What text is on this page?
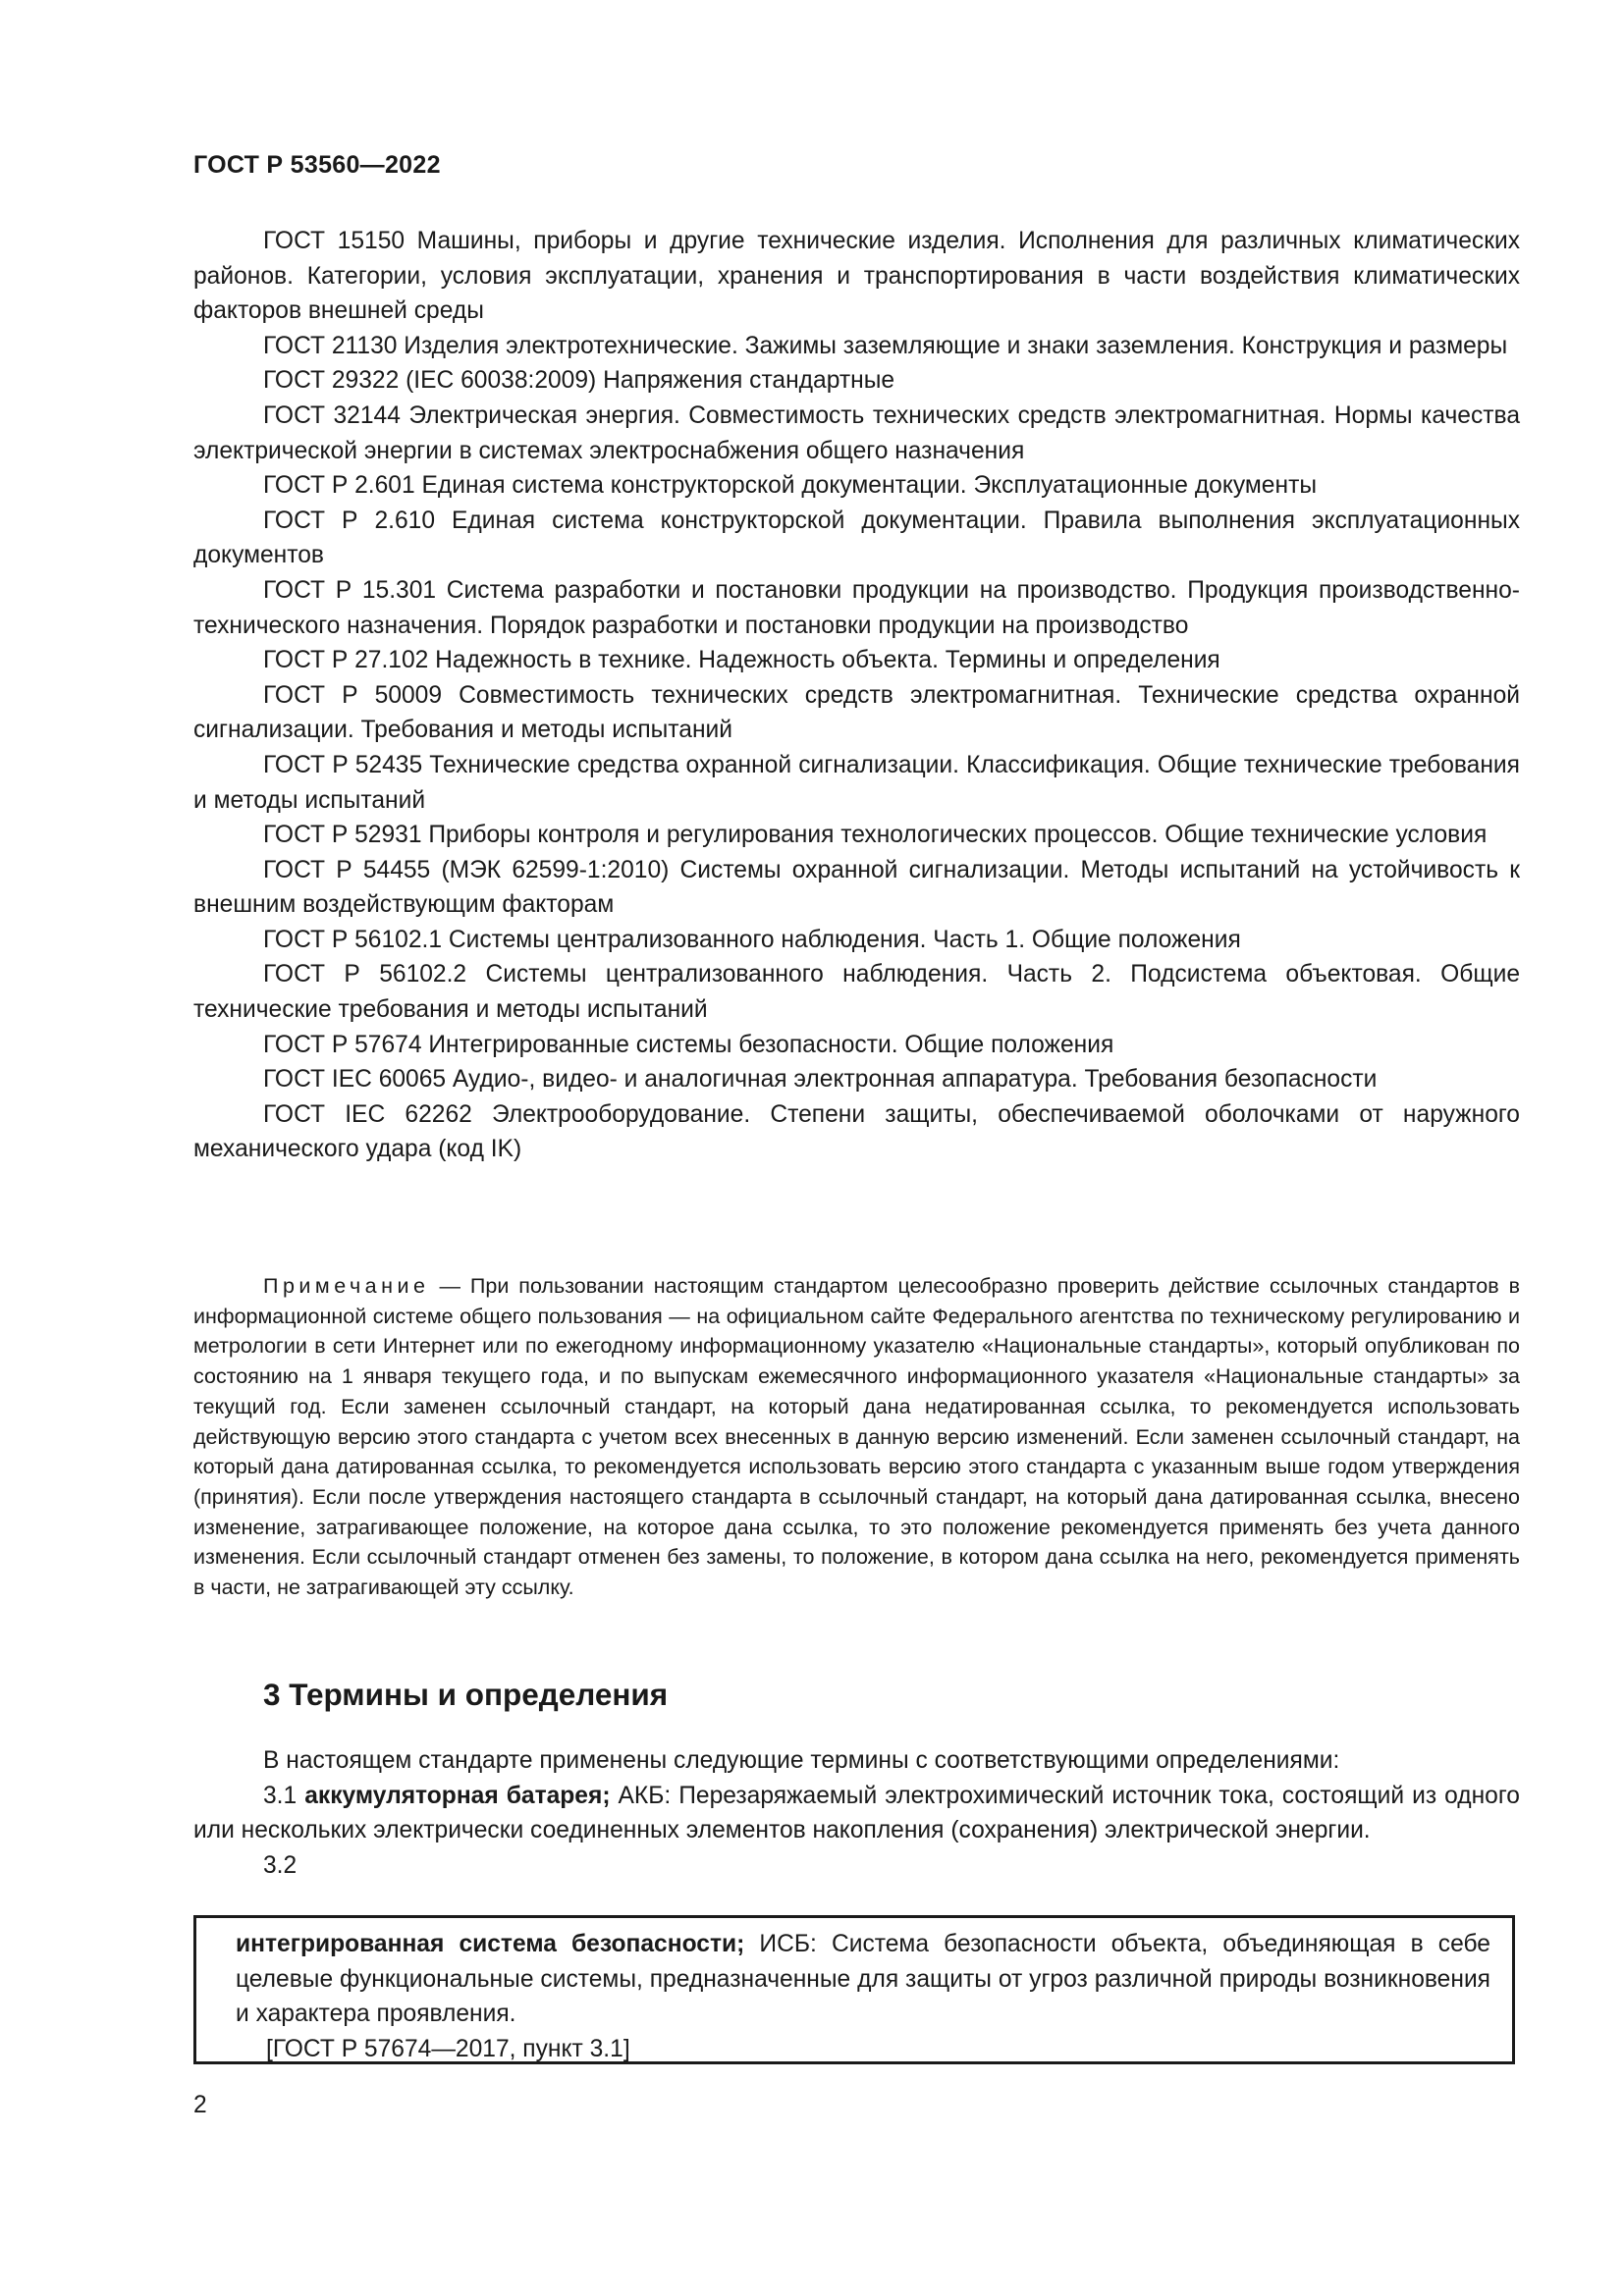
ГОСТ Р 53560—2022

ГОСТ 15150 Машины, приборы и другие технические изделия. Исполнения для различных климатических районов. Категории, условия эксплуатации, хранения и транспортирования в части воздействия климатических факторов внешней среды

ГОСТ 21130 Изделия электротехнические. Зажимы заземляющие и знаки заземления. Конструкция и размеры

ГОСТ 29322 (IEC 60038:2009) Напряжения стандартные

ГОСТ 32144 Электрическая энергия. Совместимость технических средств электромагнитная. Нормы качества электрической энергии в системах электроснабжения общего назначения

ГОСТ Р 2.601 Единая система конструкторской документации. Эксплуатационные документы

ГОСТ Р 2.610 Единая система конструкторской документации. Правила выполнения эксплуатационных документов

ГОСТ Р 15.301 Система разработки и постановки продукции на производство. Продукция производственно-технического назначения. Порядок разработки и постановки продукции на производство

ГОСТ Р 27.102 Надежность в технике. Надежность объекта. Термины и определения

ГОСТ Р 50009 Совместимость технических средств электромагнитная. Технические средства охранной сигнализации. Требования и методы испытаний

ГОСТ Р 52435 Технические средства охранной сигнализации. Классификация. Общие технические требования и методы испытаний

ГОСТ Р 52931 Приборы контроля и регулирования технологических процессов. Общие технические условия

ГОСТ Р 54455 (МЭК 62599-1:2010) Системы охранной сигнализации. Методы испытаний на устойчивость к внешним воздействующим факторам

ГОСТ Р 56102.1 Системы централизованного наблюдения. Часть 1. Общие положения

ГОСТ Р 56102.2 Системы централизованного наблюдения. Часть 2. Подсистема объектовая. Общие технические требования и методы испытаний

ГОСТ Р 57674 Интегрированные системы безопасности. Общие положения

ГОСТ IEC 60065 Аудио-, видео- и аналогичная электронная аппаратура. Требования безопасности

ГОСТ IEC 62262 Электрооборудование. Степени защиты, обеспечиваемой оболочками от наружного механического удара (код IK)

Примечание — При пользовании настоящим стандартом целесообразно проверить действие ссылочных стандартов в информационной системе общего пользования — на официальном сайте Федерального агентства по техническому регулированию и метрологии в сети Интернет или по ежегодному информационному указателю «Национальные стандарты», который опубликован по состоянию на 1 января текущего года, и по выпускам ежемесячного информационного указателя «Национальные стандарты» за текущий год. Если заменен ссылочный стандарт, на который дана недатированная ссылка, то рекомендуется использовать действующую версию этого стандарта с учетом всех внесенных в данную версию изменений. Если заменен ссылочный стандарт, на который дана датированная ссылка, то рекомендуется использовать версию этого стандарта с указанным выше годом утверждения (принятия). Если после утверждения настоящего стандарта в ссылочный стандарт, на который дана датированная ссылка, внесено изменение, затрагивающее положение, на которое дана ссылка, то это положение рекомендуется применять без учета данного изменения. Если ссылочный стандарт отменен без замены, то положение, в котором дана ссылка на него, рекомендуется применять в части, не затрагивающей эту ссылку.

3 Термины и определения

В настоящем стандарте применены следующие термины с соответствующими определениями:

3.1 аккумуляторная батарея; АКБ: Перезаряжаемый электрохимический источник тока, состоящий из одного или нескольких электрически соединенных элементов накопления (сохранения) электрической энергии.

3.2

интегрированная система безопасности; ИСБ: Система безопасности объекта, объединяющая в себе целевые функциональные системы, предназначенные для защиты от угроз различной природы возникновения и характера проявления.

[ГОСТ Р 57674—2017, пункт 3.1]

2
